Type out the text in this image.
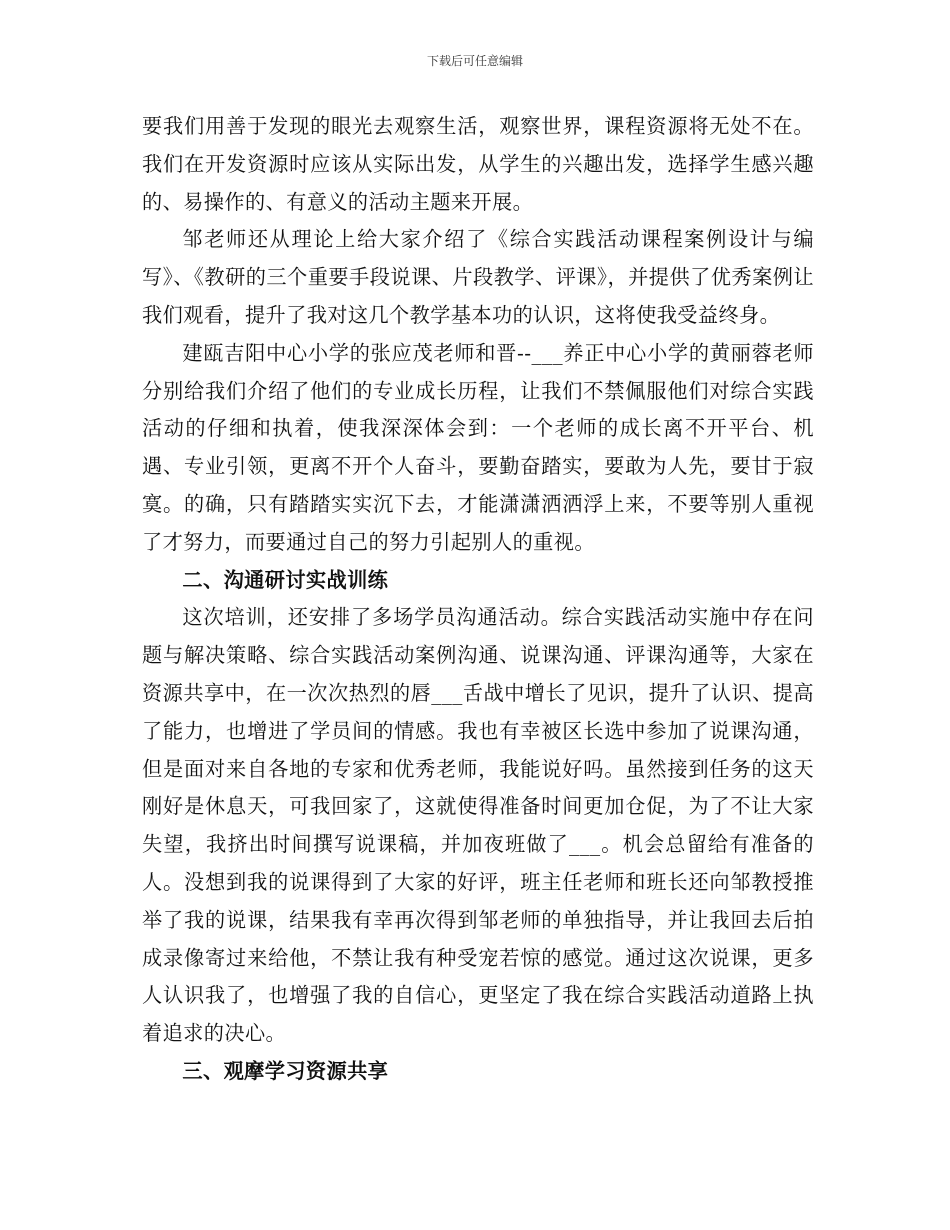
下载后可任意编辑

要我们用善于发现的眼光去观察生活，观察世界，课程资源将无处不在。我们在开发资源时应该从实际出发，从学生的兴趣出发，选择学生感兴趣的、易操作的、有意义的活动主题来开展。

邹老师还从理论上给大家介绍了《综合实践活动课程案例设计与编写》、《教研的三个重要手段说课、片段教学、评课》，并提供了优秀案例让我们观看，提升了我对这几个教学基本功的认识，这将使我受益终身。

建瓯吉阳中心小学的张应茂老师和晋--___养正中心小学的黄丽蓉老师分别给我们介绍了他们的专业成长历程，让我们不禁佩服他们对综合实践活动的仔细和执着，使我深深体会到：一个老师的成长离不开平台、机遇、专业引领，更离不开个人奋斗，要勤奋踏实，要敢为人先，要甘于寂寞。的确，只有踏踏实实沉下去，才能潇潇洒洒浮上来，不要等别人重视了才努力，而要通过自己的努力引起别人的重视。

二、沟通研讨实战训练

这次培训，还安排了多场学员沟通活动。综合实践活动实施中存在问题与解决策略、综合实践活动案例沟通、说课沟通、评课沟通等，大家在资源共享中，在一次次热烈的唇___舌战中增长了见识，提升了认识、提高了能力，也增进了学员间的情感。我也有幸被区长选中参加了说课沟通，但是面对来自各地的专家和优秀老师，我能说好吗。虽然接到任务的这天刚好是休息天，可我回家了，这就使得准备时间更加仓促，为了不让大家失望，我挤出时间撰写说课稿，并加夜班做了___。机会总留给有准备的人。没想到我的说课得到了大家的好评，班主任老师和班长还向邹教授推举了我的说课，结果我有幸再次得到邹老师的单独指导，并让我回去后拍成录像寄过来给他，不禁让我有种受宠若惊的感觉。通过这次说课，更多人认识我了，也增强了我的自信心，更坚定了我在综合实践活动道路上执着追求的决心。

三、观摩学习资源共享
